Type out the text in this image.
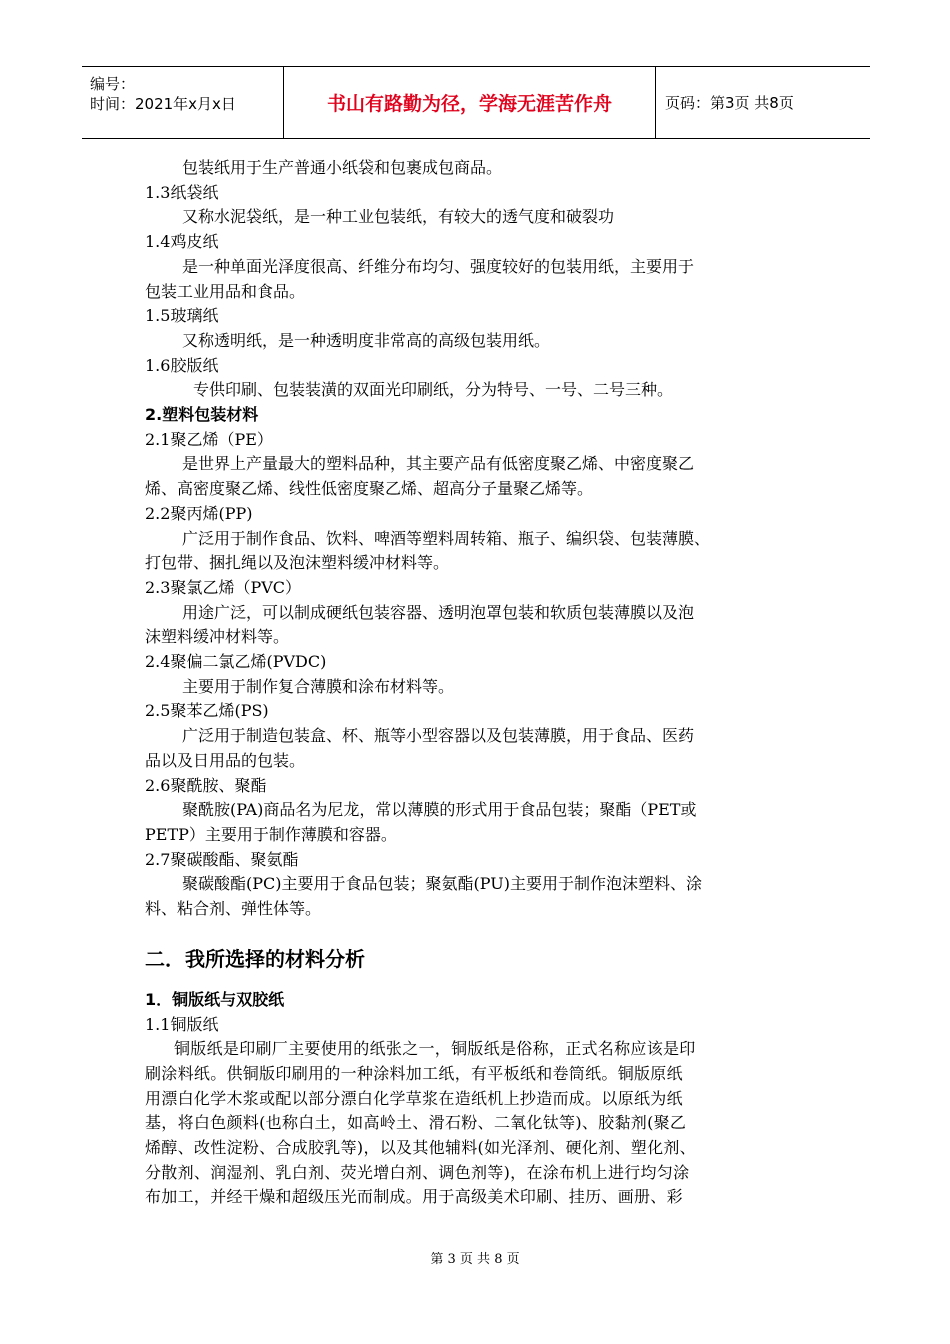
编号：
时间：2021年x月x日	书山有路勤为径，学海无涯苦作舟	页码：第3页 共8页
包装纸用于生产普通小纸袋和包裹成包商品。
1.3纸袋纸
又称水泥袋纸，是一种工业包装纸，有较大的透气度和破裂功
1.4鸡皮纸
是一种单面光泽度很高、纤维分布均匀、强度较好的包装用纸，主要用于
包装工业用品和食品。
1.5玻璃纸
又称透明纸，是一种透明度非常高的高级包装用纸。
1.6胶版纸
专供印刷、包装装潢的双面光印刷纸，分为特号、一号、二号三种。
2.塑料包装材料
2.1聚乙烯（PE）
是世界上产量最大的塑料品种，其主要产品有低密度聚乙烯、中密度聚乙
烯、高密度聚乙烯、线性低密度聚乙烯、超高分子量聚乙烯等。
2.2聚丙烯(PP)
广泛用于制作食品、饮料、啤酒等塑料周转箱、瓶子、编织袋、包装薄膜、
打包带、捆扎绳以及泡沫塑料缓冲材料等。
2.3聚氯乙烯（PVC）
用途广泛，可以制成硬纸包装容器、透明泡罩包装和软质包装薄膜以及泡
沫塑料缓冲材料等。
2.4聚偏二氯乙烯(PVDC)
主要用于制作复合薄膜和涂布材料等。
2.5聚苯乙烯(PS)
广泛用于制造包装盒、杯、瓶等小型容器以及包装薄膜，用于食品、医药
品以及日用品的包装。
2.6聚酰胺、聚酯
聚酰胺(PA)商品名为尼龙，常以薄膜的形式用于食品包装；聚酯（PET或
PETP）主要用于制作薄膜和容器。
2.7聚碳酸酯、聚氨酯
聚碳酸酯(PC)主要用于食品包装；聚氨酯(PU)主要用于制作泡沫塑料、涂
料、粘合剂、弹性体等。
二．我所选择的材料分析
1．铜版纸与双胶纸
1.1铜版纸
铜版纸是印刷厂主要使用的纸张之一，铜版纸是俗称，正式名称应该是印
刷涂料纸。供铜版印刷用的一种涂料加工纸，有平板纸和卷筒纸。铜版原纸
用漂白化学木浆或配以部分漂白化学草浆在造纸机上抄造而成。以原纸为纸
基，将白色颜料(也称白土，如高岭土、滑石粉、二氧化钛等)、胶黏剂(聚乙
烯醇、改性淀粉、合成胶乳等)，以及其他辅料(如光泽剂、硬化剂、塑化剂、
分散剂、润湿剂、乳白剂、荧光增白剂、调色剂等)，在涂布机上进行均匀涂
布加工，并经干燥和超级压光而制成。用于高级美术印刷、挂历、画册、彩
第 3 页 共 8 页
